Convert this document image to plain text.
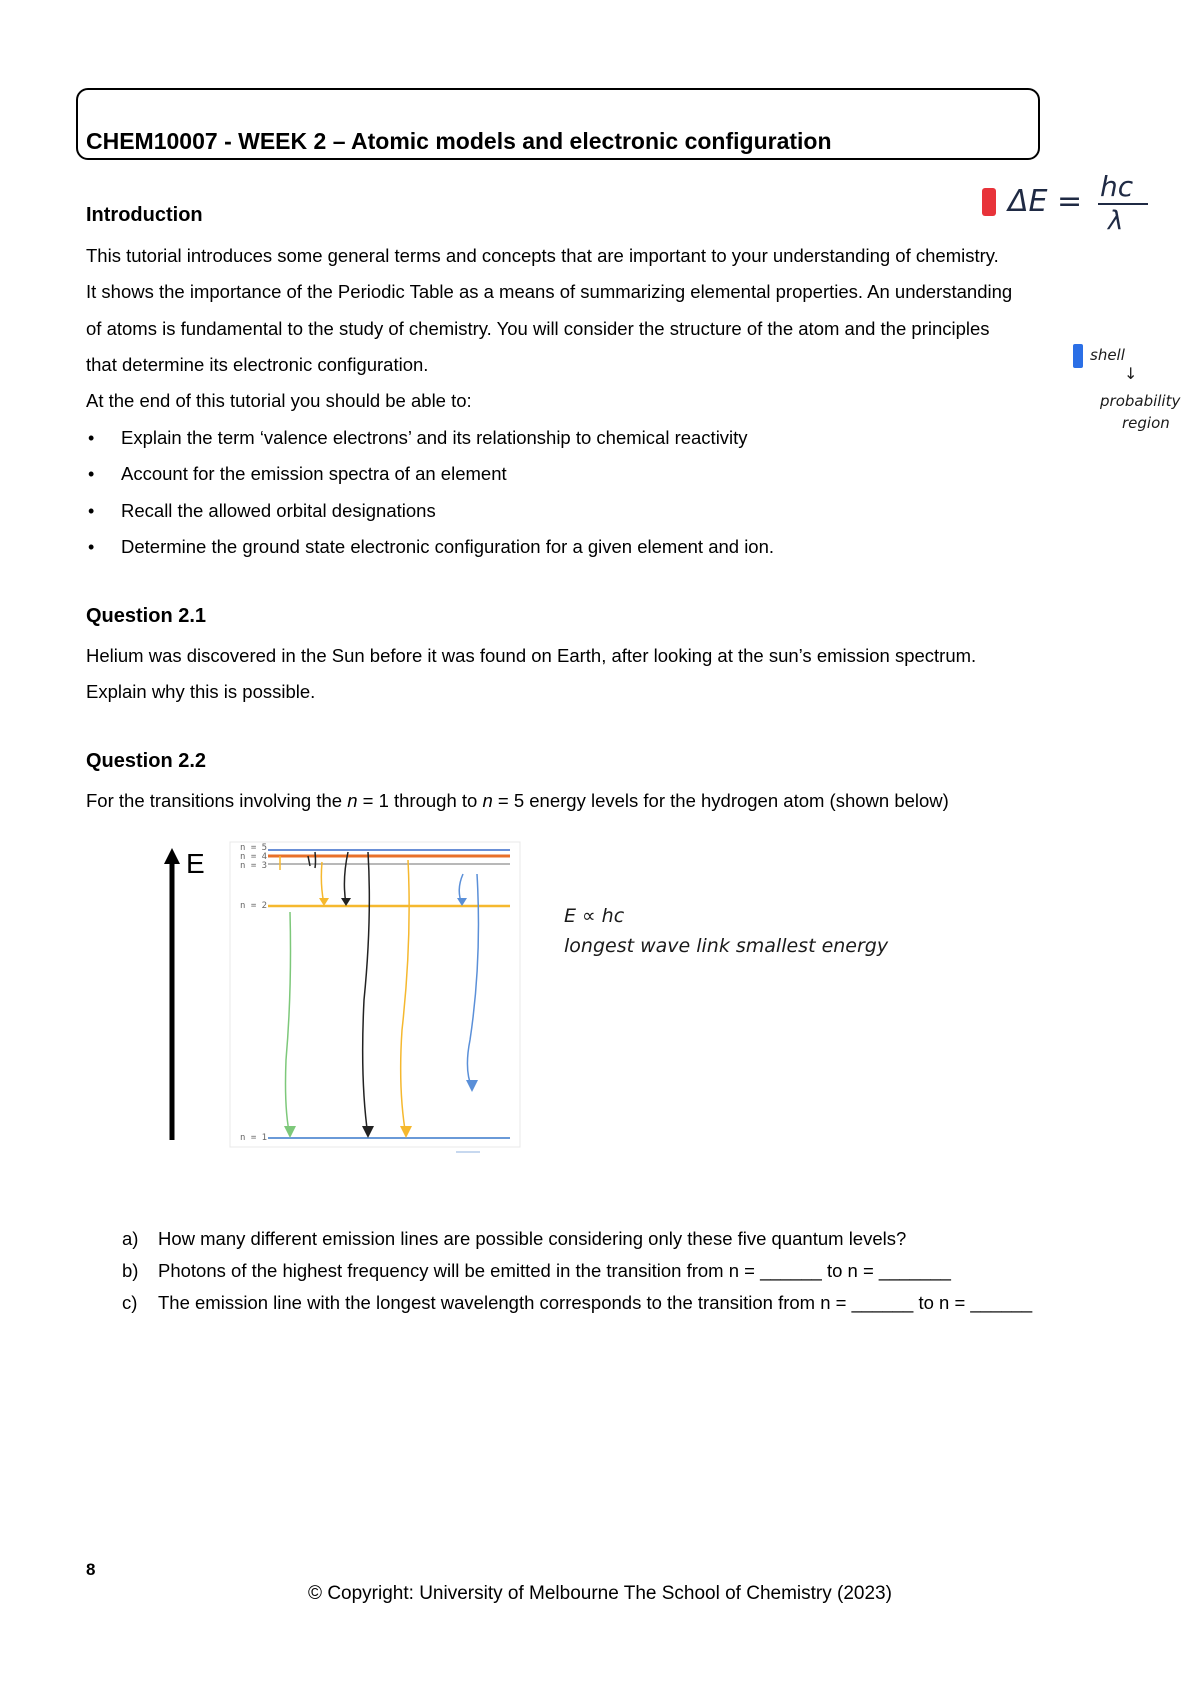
CHEM10007 - WEEK 2 – Atomic models and electronic configuration
Introduction

This tutorial introduces some general terms and concepts that are important to your understanding of chemistry.

It shows the importance of the Periodic Table as a means of summarizing elemental properties. An understanding

of atoms is fundamental to the study of chemistry. You will consider the structure of the atom and the principles

that determine its electronic configuration.

At the end of this tutorial you should be able to:

• Explain the term ‘valence electrons’ and its relationship to chemical reactivity
• Account for the emission spectra of an element
• Recall the allowed orbital designations
• Determine the ground state electronic configuration for a given element and ion.
Question 2.1

Helium was discovered in the Sun before it was found on Earth, after looking at the sun’s emission spectrum.

Explain why this is possible.

Question 2.2
For the transitions involving the n = 1 through to n = 5 energy levels for the hydrogen atom (shown below)
E	n = 5
n = 4
n = 3
n = 2
n = 1
a) How many different emission lines are possible considering only these five quantum levels?
b) Photons of the highest frequency will be emitted in the transition from n = ______ to n = _______
c) The emission line with the longest wavelength corresponds to the transition from n = ______ to n = ______
ΔE = hc
λ
shell
↓
probability
region
E ∝ hc
longest wave link smallest energy
8
© Copyright: University of Melbourne The School of Chemistry (2023)
